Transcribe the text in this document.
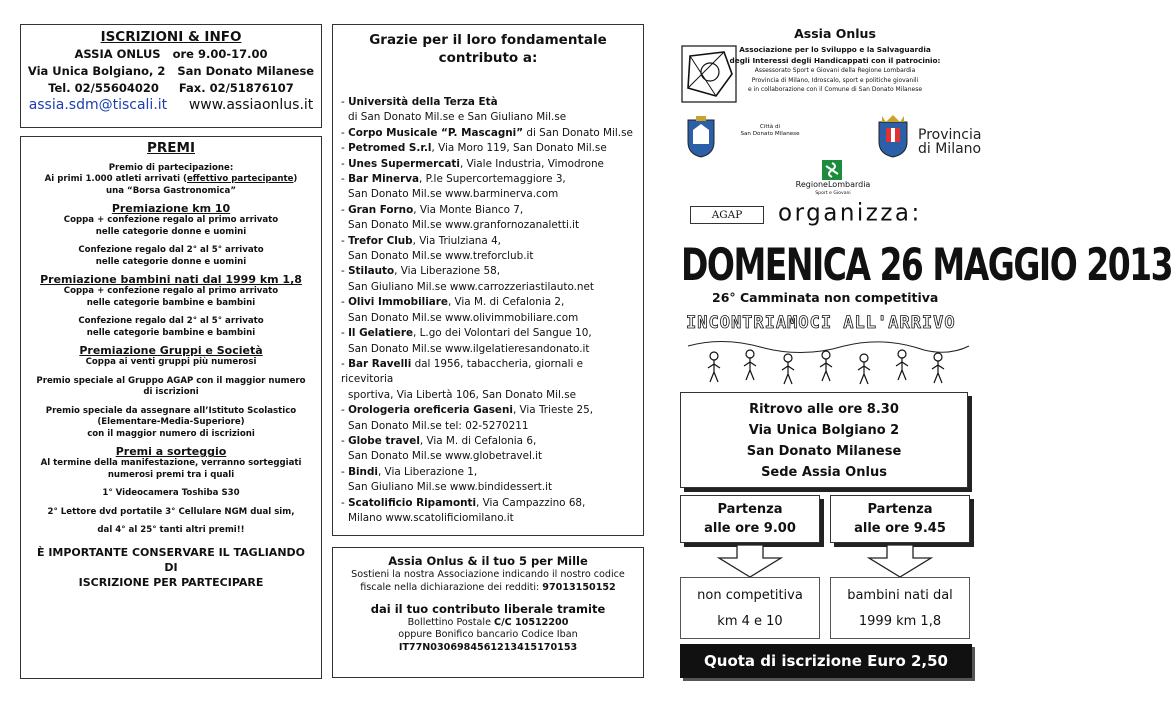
ISCRIZIONI & INFO
ASSIA ONLUS   ore 9.00-17.00
Via Unica Bolgiano, 2   San Donato Milanese
Tel. 02/55604020     Fax. 02/51876107
assia.sdm@tiscali.it www.assiaonlus.it
PREMI
Premio di partecipazione:
Ai primi 1.000 atleti arrivati (effettivo partecipante)
una “Borsa Gastronomica”
Premiazione km 10
Coppa + confezione regalo al primo arrivato
nelle categorie donne e uomini
Confezione regalo dal 2° al 5° arrivato
nelle categorie donne e uomini
Premiazione bambini nati dal 1999 km 1,8
Coppa + confezione regalo al primo arrivato
nelle categorie bambine e bambini
Confezione regalo dal 2° al 5° arrivato
nelle categorie bambine e bambini
Premiazione Gruppi e Società
Coppa ai venti gruppi più numerosi
Premio speciale al Gruppo AGAP con il maggior numero
di iscrizioni
Premio speciale da assegnare all’Istituto Scolastico
(Elementare-Media-Superiore)
con il maggior numero di iscrizioni
Premi a sorteggio
Al termine della manifestazione, verranno sorteggiati
numerosi premi tra i quali
1° Videocamera Toshiba S30
2° Lettore dvd portatile 3° Cellulare NGM dual sim,
dal 4° al 25° tanti altri premi!!
È IMPORTANTE CONSERVARE IL TAGLIANDO DI
ISCRIZIONE PER PARTECIPARE
Grazie per il loro fondamentale
contributo a:
- Università della Terza Età
di San Donato Mil.se e San Giuliano Mil.se
- Corpo Musicale “P. Mascagni” di San Donato Mil.se
- Petromed S.r.l, Via Moro 119, San Donato Mil.se
- Unes Supermercati, Viale Industria, Vimodrone
- Bar Minerva, P.le Supercortemaggiore 3,
San Donato Mil.se www.barminerva.com
- Gran Forno, Via Monte Bianco 7,
San Donato Mil.se www.granfornozanaletti.it
- Trefor Club, Via Triulziana 4,
San Donato Mil.se www.treforclub.it
- Stilauto, Via Liberazione 58,
San Giuliano Mil.se www.carrozzeriastilauto.net
- Olivi Immobiliare, Via M. di Cefalonia 2,
San Donato Mil.se www.olivimmobiliare.com
- Il Gelatiere, L.go dei Volontari del Sangue 10,
San Donato Mil.se www.ilgelatieresandonato.it
- Bar Ravelli dal 1956, tabaccheria, giornali e ricevitoria
sportiva, Via Libertà 106, San Donato Mil.se
- Orologeria oreficeria Gaseni, Via Trieste 25,
San Donato Mil.se tel: 02-5270211
- Globe travel, Via M. di Cefalonia 6,
San Donato Mil.se www.globetravel.it
- Bindi, Via Liberazione 1,
San Giuliano Mil.se www.bindidessert.it
- Scatolificio Ripamonti, Via Campazzino 68,
Milano www.scatolificiomilano.it
Assia Onlus & il tuo 5 per Mille
Sostieni la nostra Associazione indicando il nostro codice
fiscale nella dichiarazione dei redditi: 97013150152
dai il tuo contributo liberale tramite
Bollettino Postale C/C 10512200
oppure Bonifico bancario Codice Iban
IT77N0306984561213415170153
Assia Onlus
Associazione per lo Sviluppo e la Salvaguardia
degli Interessi degli Handicappati con il patrocinio:
Assessorato Sport e Giovani della Regione Lombardia
Provincia di Milano, Idroscalo, sport e politiche giovanili
e in collaborazione con il Comune di San Donato Milanese
Città di
San Donato Milanese	Provincia
di Milano
RegioneLombardia
Sport e Giovani
AGAP	organizza:
DOMENICA 26 MAGGIO 2013
26° Camminata non competitiva
INCONTRIAMOCI ALL'ARRIVO
Ritrovo alle ore 8.30
Via Unica Bolgiano 2
San Donato Milanese
Sede Assia Onlus
Partenza
alle ore 9.00
Partenza
alle ore 9.45
non competitiva
km 4 e 10
bambini nati dal
1999 km 1,8
Quota di iscrizione Euro 2,50
